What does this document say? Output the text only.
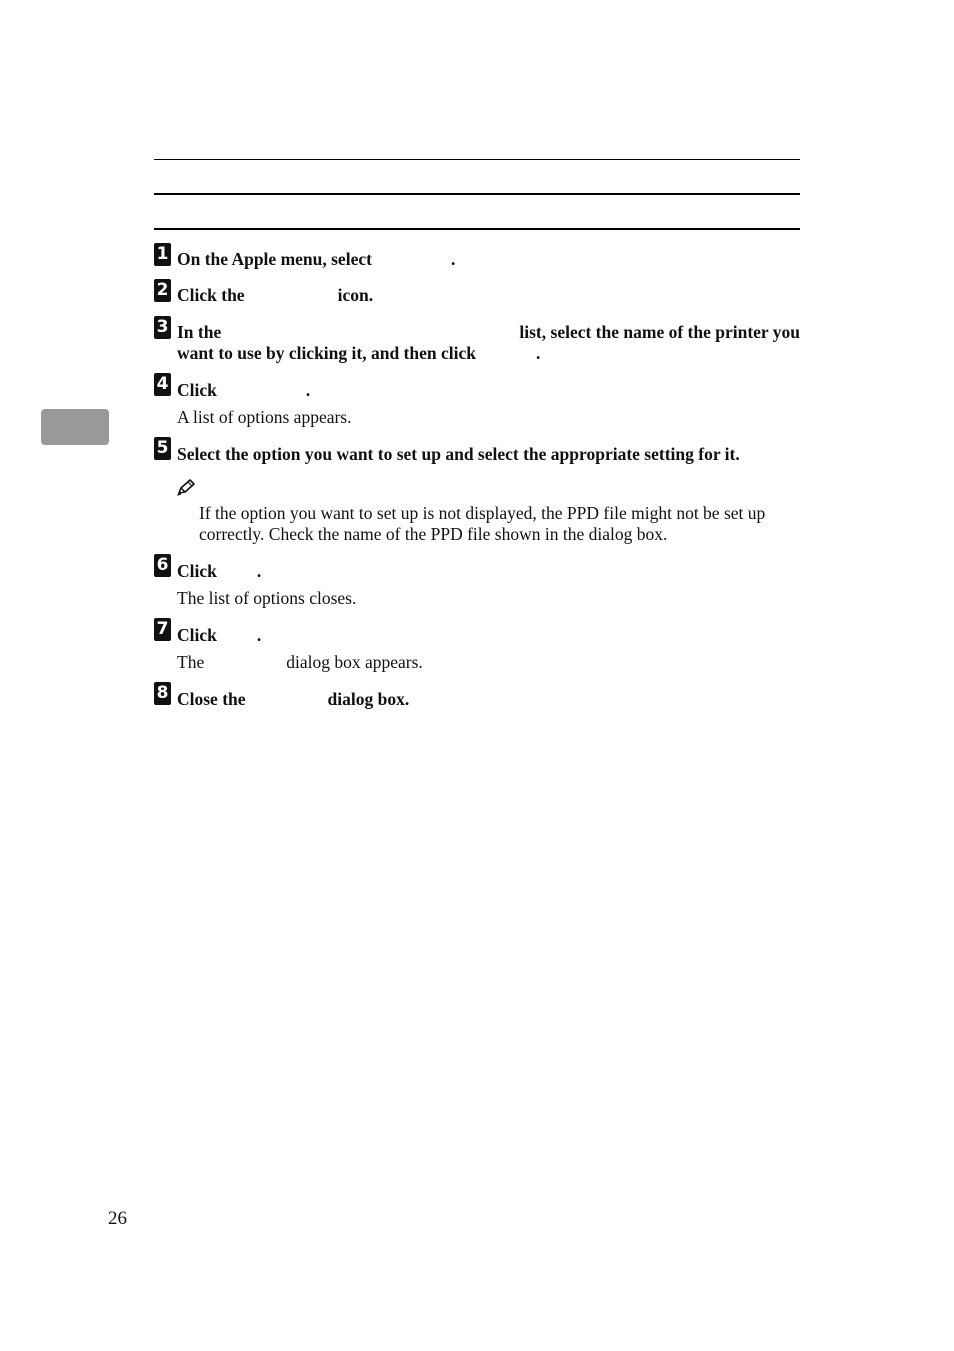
1 On the Apple menu, select	.
2 Click the	icon.
3 In the	list, select the name of the printer you
want to use by clicking it, and then click	.
4 Click	.
A list of options appears.
5 Select the option you want to set up and select the appropriate setting for it.
If the option you want to set up is not displayed, the PPD file might not be set up correctly. Check the name of the PPD file shown in the dialog box.
6 Click .
The list of options closes.
7 Click .
The	dialog box appears.
8 Close the	dialog box.
26
